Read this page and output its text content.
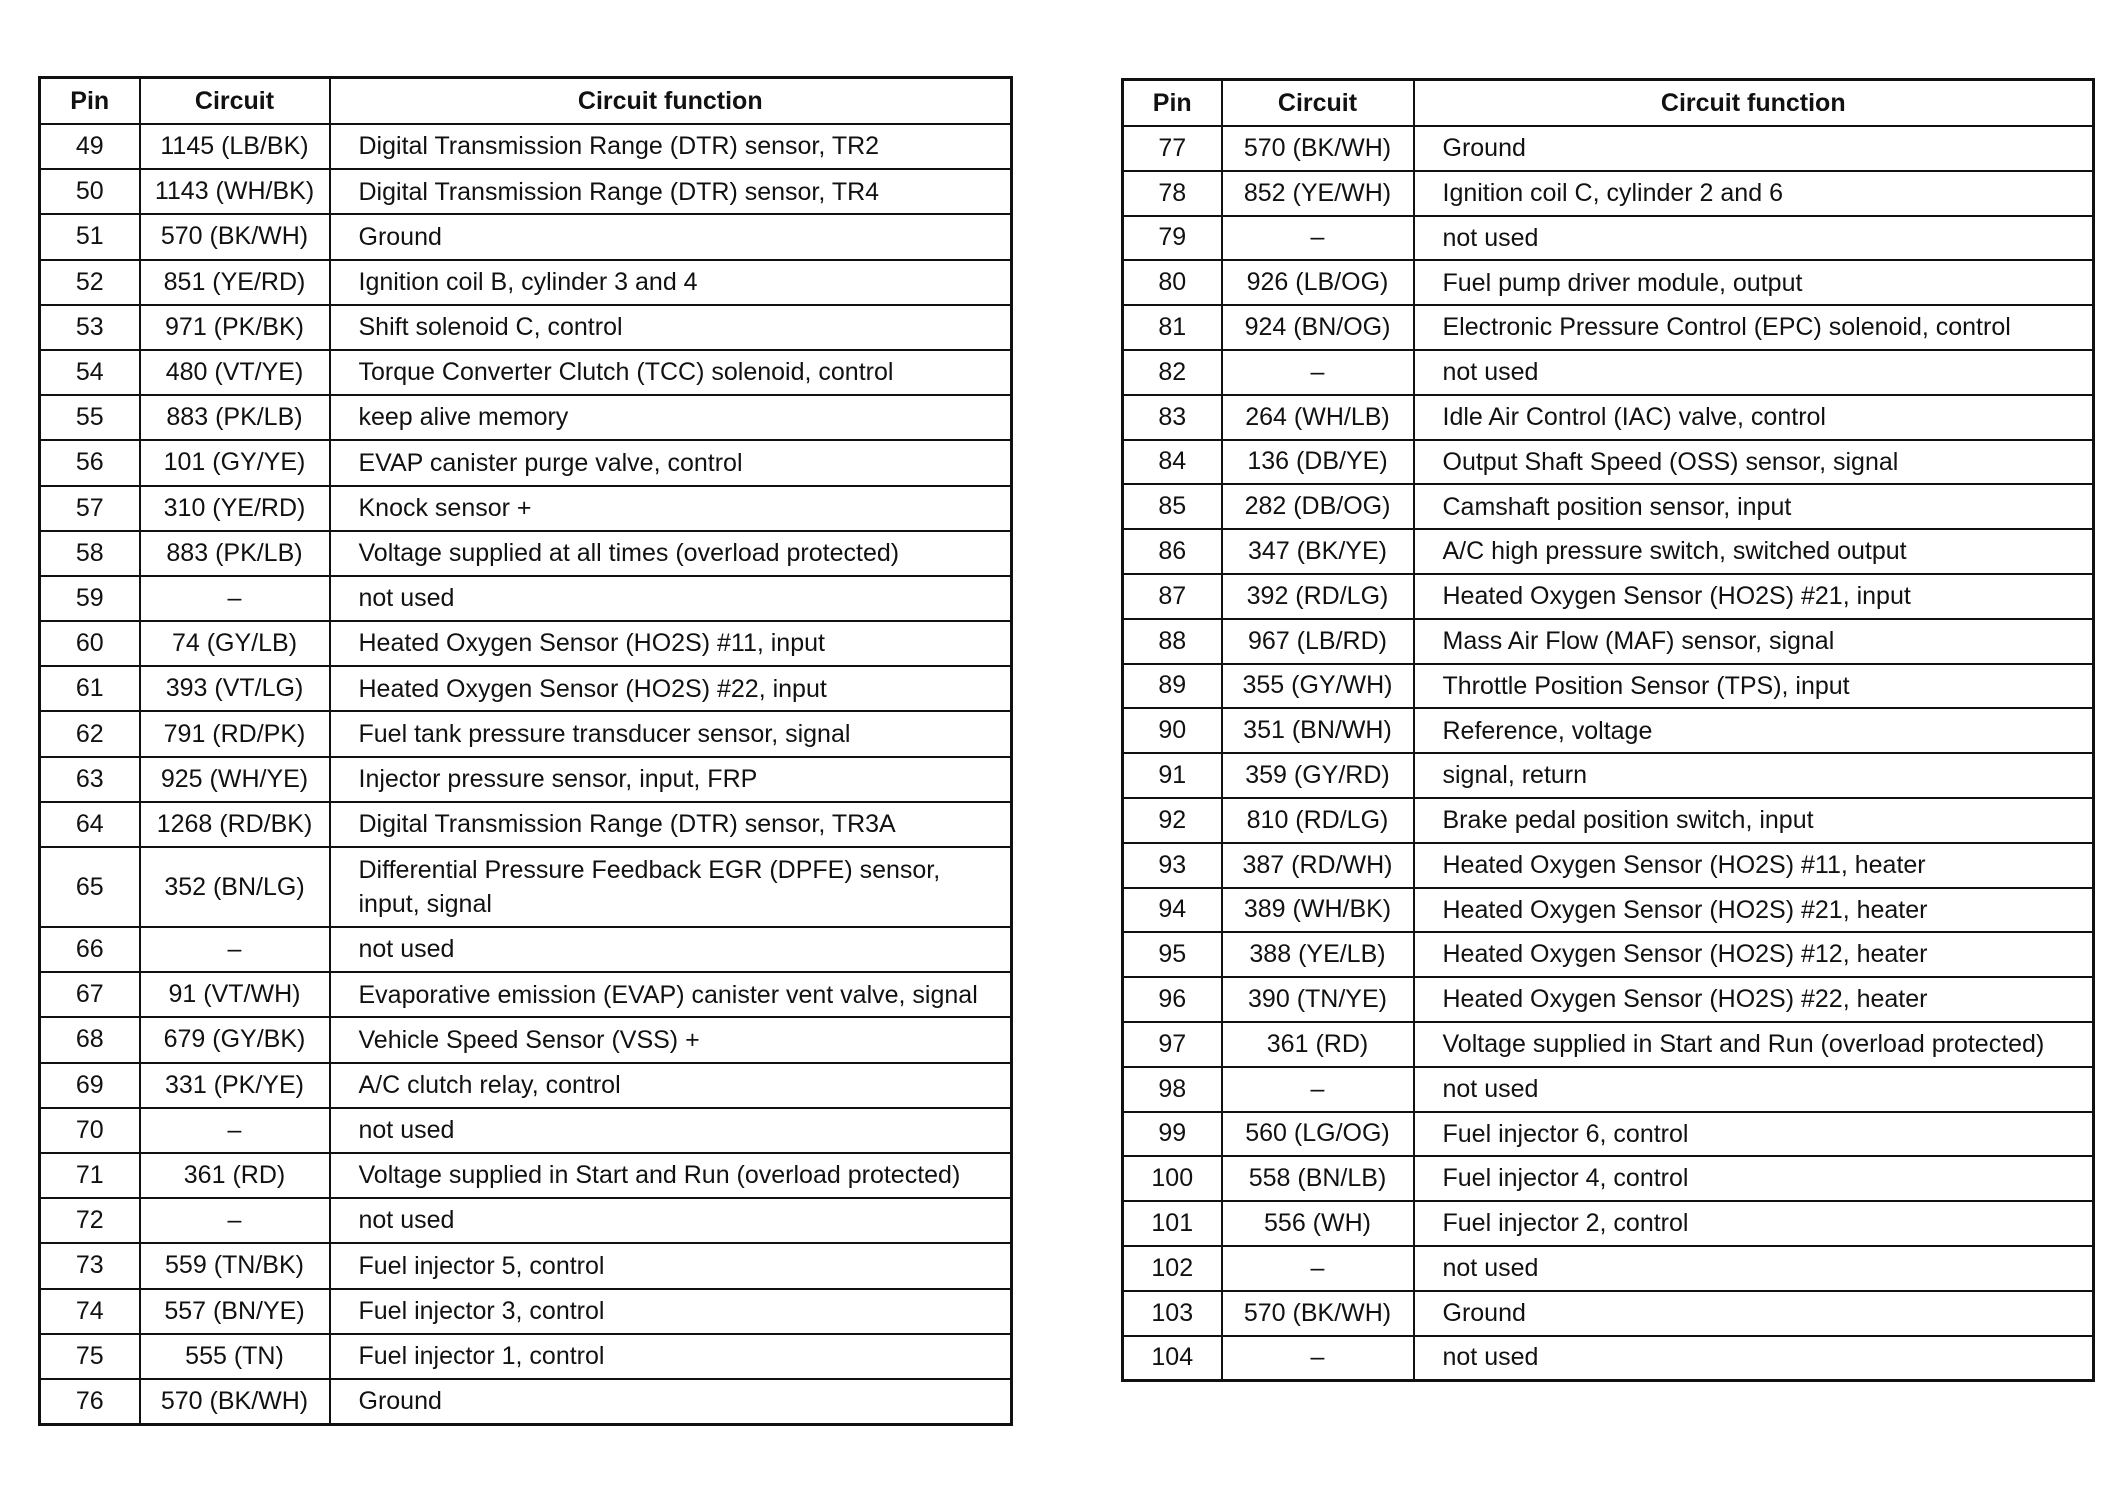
Pin	Circuit	Circuit function
49	1145 (LB/BK)	Digital Transmission Range (DTR) sensor, TR2
50	1143 (WH/BK)	Digital Transmission Range (DTR) sensor, TR4
51	570 (BK/WH)	Ground
52	851 (YE/RD)	Ignition coil B, cylinder 3 and 4
53	971 (PK/BK)	Shift solenoid C, control
54	480 (VT/YE)	Torque Converter Clutch (TCC) solenoid, control
55	883 (PK/LB)	keep alive memory
56	101 (GY/YE)	EVAP canister purge valve, control
57	310 (YE/RD)	Knock sensor +
58	883 (PK/LB)	Voltage supplied at all times (overload protected)
59	–	not used
60	74 (GY/LB)	Heated Oxygen Sensor (HO2S) #11, input
61	393 (VT/LG)	Heated Oxygen Sensor (HO2S) #22, input
62	791 (RD/PK)	Fuel tank pressure transducer sensor, signal
63	925 (WH/YE)	Injector pressure sensor, input, FRP
64	1268 (RD/BK)	Digital Transmission Range (DTR) sensor, TR3A
65	352 (BN/LG)	Differential Pressure Feedback EGR (DPFE) sensor, input, signal
66	–	not used
67	91 (VT/WH)	Evaporative emission (EVAP) canister vent valve, signal
68	679 (GY/BK)	Vehicle Speed Sensor (VSS) +
69	331 (PK/YE)	A/C clutch relay, control
70	–	not used
71	361 (RD)	Voltage supplied in Start and Run (overload protected)
72	–	not used
73	559 (TN/BK)	Fuel injector 5, control
74	557 (BN/YE)	Fuel injector 3, control
75	555 (TN)	Fuel injector 1, control
76	570 (BK/WH)	Ground
Pin	Circuit	Circuit function
77	570 (BK/WH)	Ground
78	852 (YE/WH)	Ignition coil C, cylinder 2 and 6
79	–	not used
80	926 (LB/OG)	Fuel pump driver module, output
81	924 (BN/OG)	Electronic Pressure Control (EPC) solenoid, control
82	–	not used
83	264 (WH/LB)	Idle Air Control (IAC) valve, control
84	136 (DB/YE)	Output Shaft Speed (OSS) sensor, signal
85	282 (DB/OG)	Camshaft position sensor, input
86	347 (BK/YE)	A/C high pressure switch, switched output
87	392 (RD/LG)	Heated Oxygen Sensor (HO2S) #21, input
88	967 (LB/RD)	Mass Air Flow (MAF) sensor, signal
89	355 (GY/WH)	Throttle Position Sensor (TPS), input
90	351 (BN/WH)	Reference, voltage
91	359 (GY/RD)	signal, return
92	810 (RD/LG)	Brake pedal position switch, input
93	387 (RD/WH)	Heated Oxygen Sensor (HO2S) #11, heater
94	389 (WH/BK)	Heated Oxygen Sensor (HO2S) #21, heater
95	388 (YE/LB)	Heated Oxygen Sensor (HO2S) #12, heater
96	390 (TN/YE)	Heated Oxygen Sensor (HO2S) #22, heater
97	361 (RD)	Voltage supplied in Start and Run (overload protected)
98	–	not used
99	560 (LG/OG)	Fuel injector 6, control
100	558 (BN/LB)	Fuel injector 4, control
101	556 (WH)	Fuel injector 2, control
102	–	not used
103	570 (BK/WH)	Ground
104	–	not used
